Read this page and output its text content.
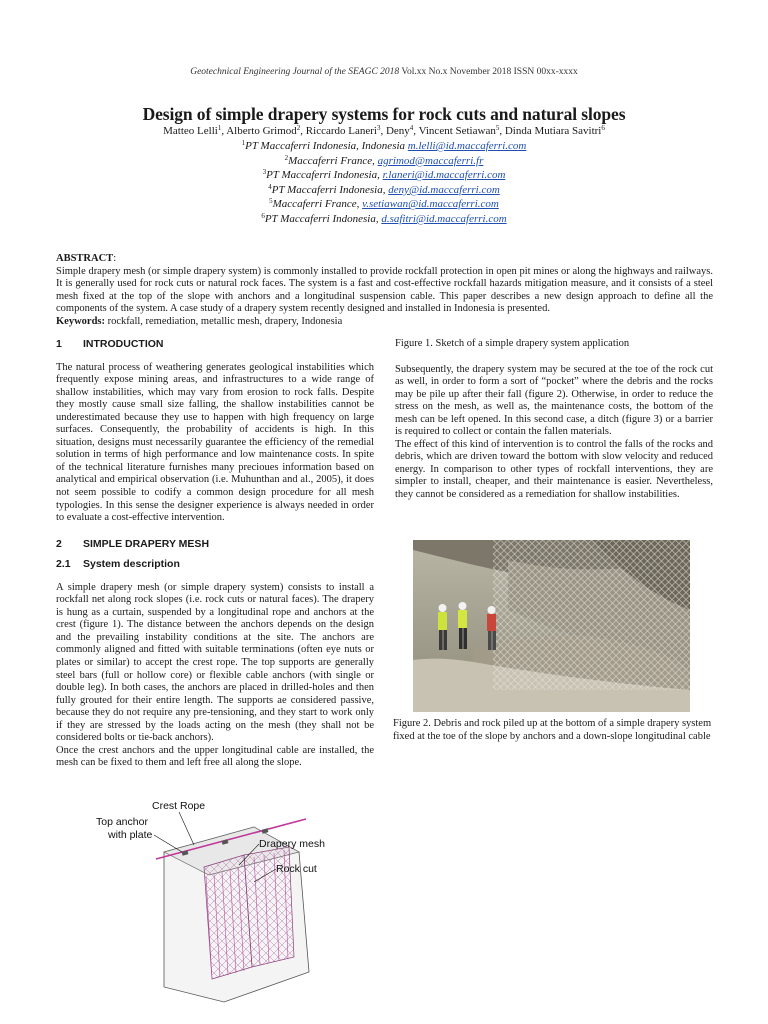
Geotechnical Engineering Journal of the SEAGC 2018 Vol.xx No.x November 2018 ISSN 00xx-xxxx
Design of simple drapery systems for rock cuts and natural slopes
Matteo Lelli$^1$, Alberto Grimod$^2$, Riccardo Laneri$^3$, Deny$^4$, Vincent Setiawan$^5$, Dinda Mutiara Savitri$^6$
$^1$PT Maccaferri Indonesia, Indonesia m.lelli@id.maccaferri.com
$^2$Maccaferri France, agrimod@maccaferri.fr
$^3$PT Maccaferri Indonesia, r.laneri@id.maccaferri.com
$^4$PT Maccaferri Indonesia, deny@id.maccaferri.com
$^5$Maccaferri France, v.setiawan@id.maccaferri.com
$^6$PT Maccaferri Indonesia, d.safitri@id.maccaferri.com

ABSTRACT:

Simple drapery mesh (or simple drapery system) is commonly installed to provide rockfall protection in open pit mines or along the highways and railways. It is generally used for rock cuts or natural rock faces. The system is a fast and cost-effective rockfall hazards mitigation measure, and it consists of a steel mesh fixed at the top of the slope with anchors and a longitudinal suspension cable. This paper describes a new design approach to define all the components of the system. A case study of a drapery system recently designed and installed in Indonesia is presented.

Keywords: rockfall, remediation, metallic mesh, drapery, Indonesia

1	INTRODUCTION

The natural process of weathering generates geological instabilities which frequently expose mining areas, and infrastructures to a wide range of shallow instabilities, which may vary from erosion to rock falls. Despite they mostly cause small size falling, the shallow instabilities cannot be underestimated because they use to happen with high frequency on large surfaces. Consequently, the probability of accidents is high. In this situation, designs must necessarily guarantee the efficiency of the remedial solution in terms of high performance and low maintenance costs. In spite of the technical literature furnishes many precioues information based on analytical and empirical observation (i.e. Muhunthan and al., 2005), it does not seem possible to codify a common design procedure for all mesh typologies. In this sense the designer experience is always needed in order to evaluate a cost-effective intervention.

2	SIMPLE DRAPERY MESH
2.1	System description

A simple drapery mesh (or simple drapery system) consists to install a rockfall net along rock slopes (i.e. rock cuts or natural faces). The drapery is hung as a curtain, suspended by a longitudinal rope and anchors at the crest (figure 1). The distance between the anchors depends on the design and the prevailing instability conditions at the site. The anchors are commonly aligned and fitted with suitable terminations (often eye nuts or plates or similar) to accept the crest rope. The top supports are generally steel bars (full or hollow core) or flexible cable anchors (with single or double leg). In both cases, the anchors are placed in drilled-holes and then fully grouted for their entire length. The supports ae considered passive, because they do not require any pre-tensioning, and they start to work only if they are stressed by the loads acting on the mesh (they shall not be considered bolts or tie-back anchors).

Once the crest anchors and the upper longitudinal cable are installed, the mesh can be fixed to them and left free all along the slope.

Figure 1. Sketch of a simple drapery system application

Subsequently, the drapery system may be secured at the toe of the rock cut as well, in order to form a sort of “pocket” where the debris and the rocks may be pile up after their fall (figure 2). Otherwise, in order to reduce the stress on the mesh, as well as, the maintenance costs, the bottom of the mesh can be left opened. In this second case, a ditch (figure 3) or a barrier is required to collect or contain the fallen materials.

The effect of this kind of intervention is to control the falls of the rocks and debris, which are driven toward the bottom with slow velocity and reduced energy. In comparison to other types of rockfall interventions, they are simpler to install, cheaper, and their maintenance is easier. Nevertheless, they cannot be considered as a remediation for shallow instabilities.

Figure 2. Debris and rock piled up at the bottom of a simple drapery system fixed at the toe of the slope by anchors and a down-slope longitudinal cable
Crest Rope
Top anchor
with plate
Drapery mesh
Rock cut
